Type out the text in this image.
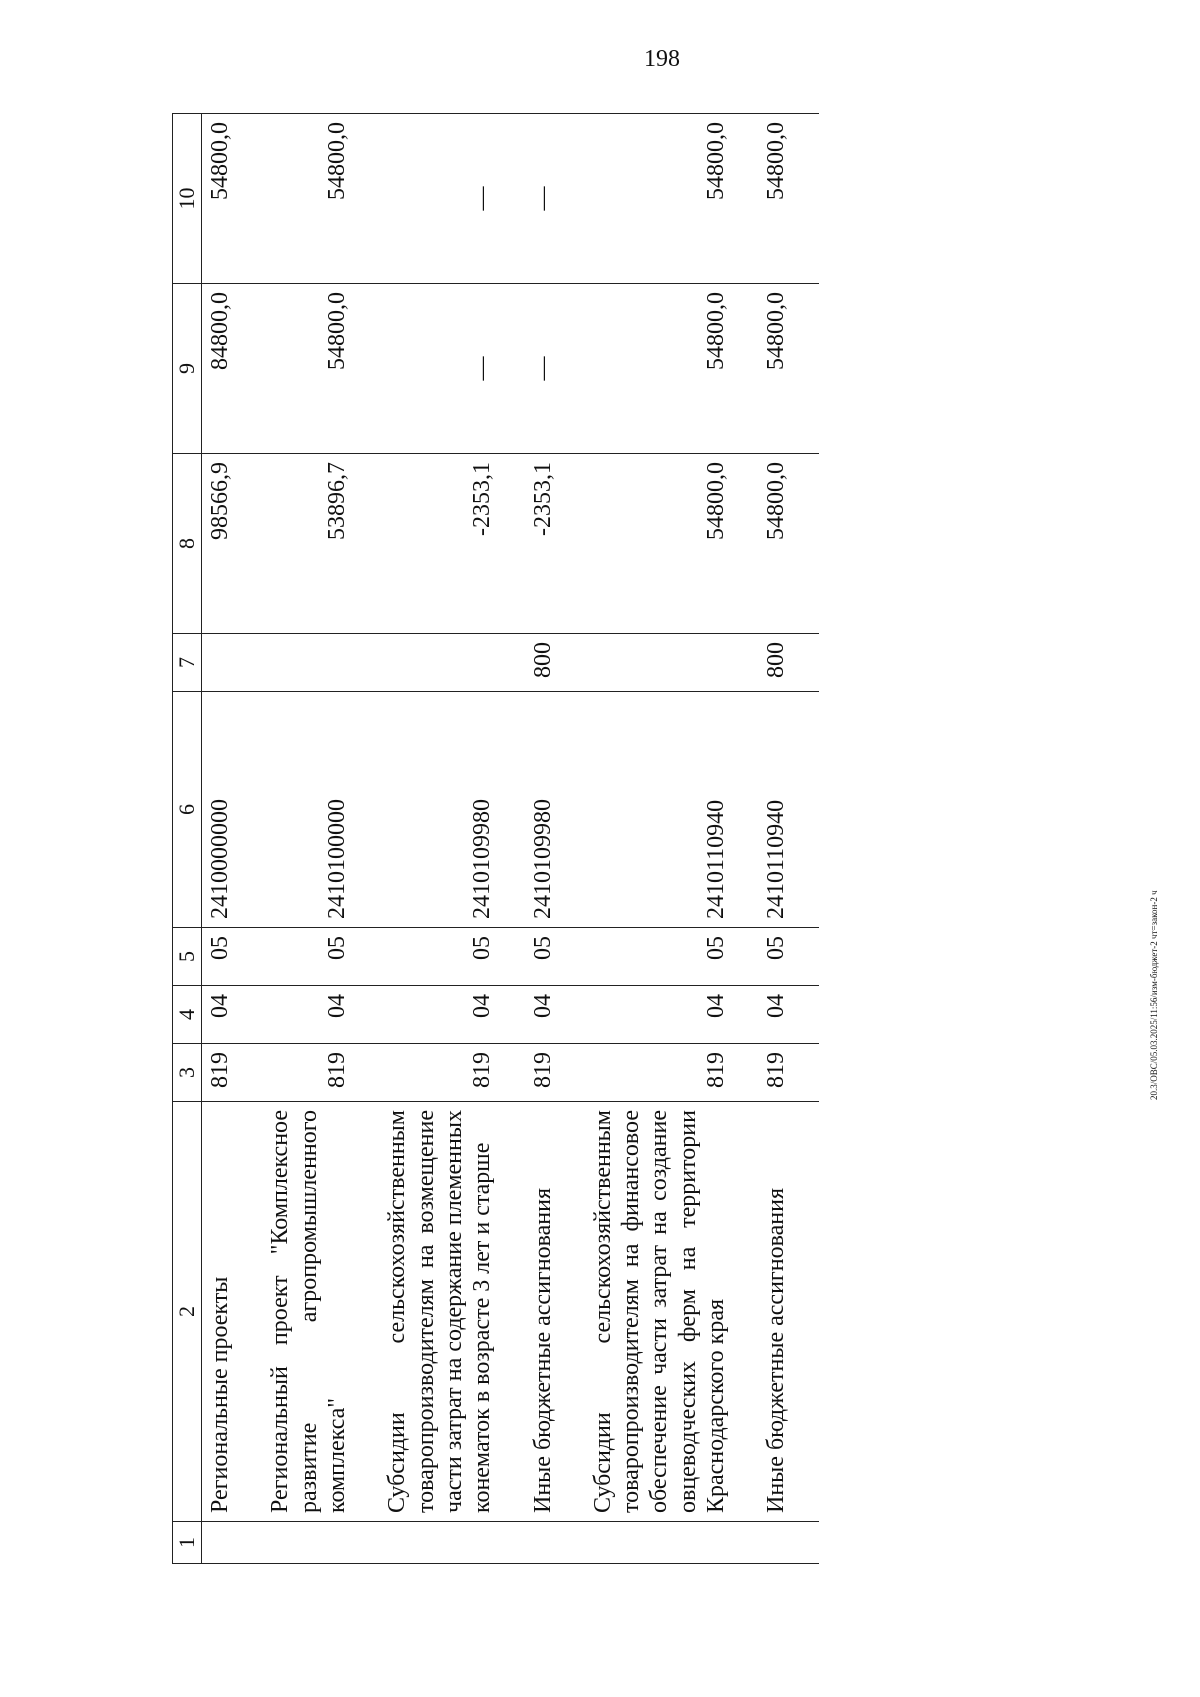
198
20.3/ОВС/05.03.2025/11:56/изм-бюджет-2 чт=закон-2 ч
1	2	3	4	5	6	7	8	9	10
	Региональные проекты	819	04	05	2410000000		98566,9	84800,0	54800,0
	Региональный проект "Комплексное развитие агропромышленного комплекса"	819	04	05	2410100000		53896,7	54800,0	54800,0
	Субсидии сельскохозяйственным товаропроизводителям на возмещение части затрат на содержание племенных конематок в возрасте 3 лет и старше	819	04	05	2410109980		-2353,1	—	—
	Иные бюджетные ассигнования	819	04	05	2410109980	800	-2353,1	—	—
	Субсидии сельскохозяйственным товаропроизводителям на финансовое обеспечение части затрат на создание овцеводческих ферм на территории Краснодарского края	819	04	05	2410110940		54800,0	54800,0	54800,0
	Иные бюджетные ассигнования	819	04	05	2410110940	800	54800,0	54800,0	54800,0
